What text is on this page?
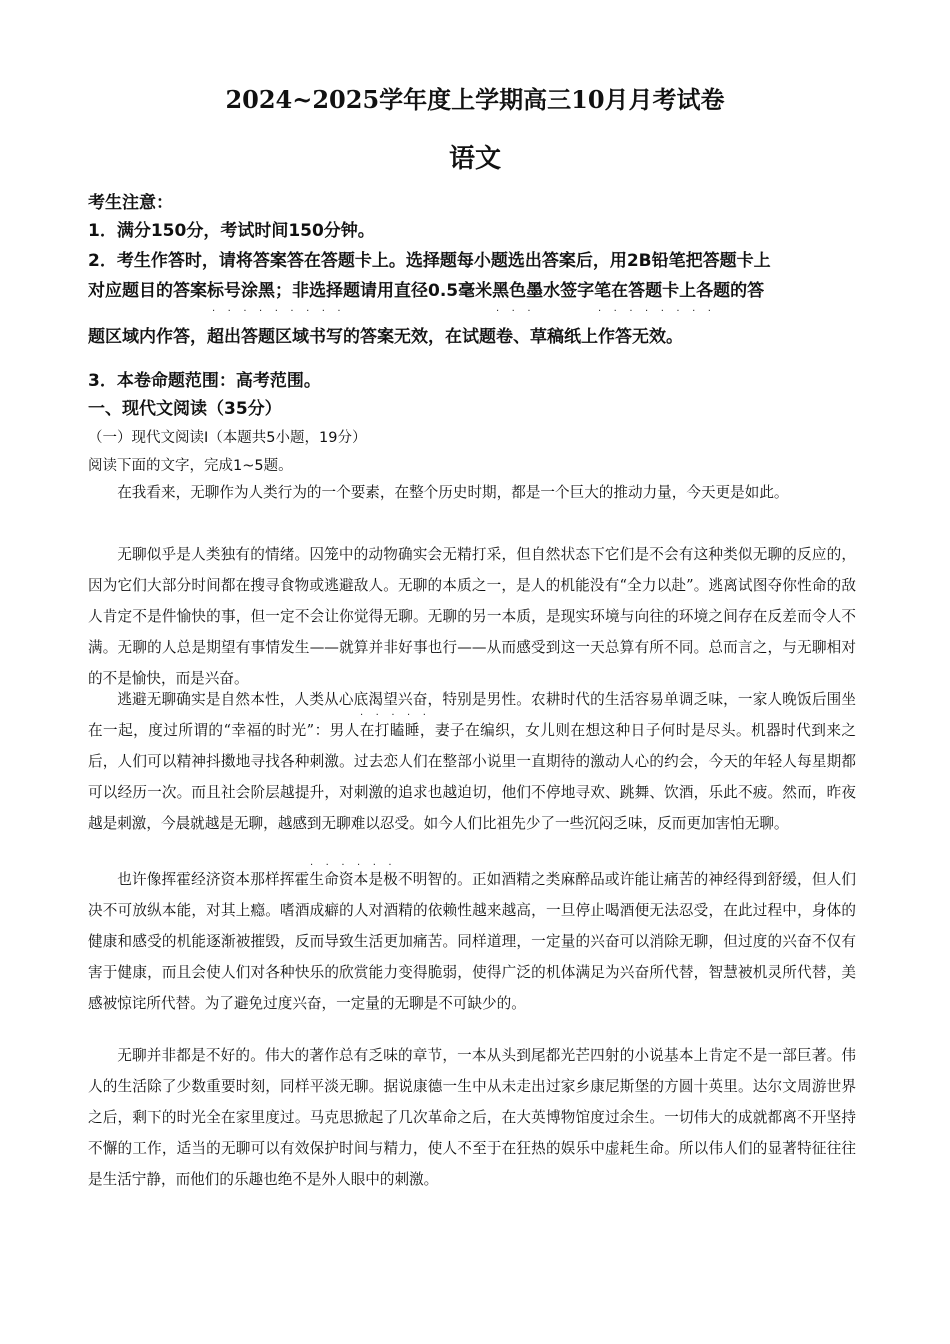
2024~2025学年度上学期高三10月月考试卷
语文
考生注意：
1．满分150分，考试时间150分钟。
2．考生作答时，请将答案答在答题卡上。选择题每小题选出答案后，用2B铅笔把答题卡上
对应题目的答案标号涂黑；非选择题请用直径0.5毫米黑色墨水签字笔在答题卡上各题的答
·········	···	········
题区域内作答，超出答题区域书写的答案无效，在试题卷、草稿纸上作答无效。
3．本卷命题范围：高考范围。
一、现代文阅读（35分）
（一）现代文阅读Ⅰ（本题共5小题，19分）
阅读下面的文字，完成1~5题。
在我看来，无聊作为人类行为的一个要素，在整个历史时期，都是一个巨大的推动力量，今天更是如此。
无聊似乎是人类独有的情绪。囚笼中的动物确实会无精打采，但自然状态下它们是不会有这种类似无聊的反应的，因为它们大部分时间都在搜寻食物或逃避敌人。无聊的本质之一，是人的机能没有“全力以赴”。逃离试图夺你性命的敌人肯定不是件愉快的事，但一定不会让你觉得无聊。无聊的另一本质，是现实环境与向往的环境之间存在反差而令人不满。无聊的人总是期望有事情发生——就算并非好事也行——从而感受到这一天总算有所不同。总而言之，与无聊相对的不是愉快，而是兴奋。
逃避无聊确实是自然本性，人类从心底渴望兴奋，特别是男性。农耕时代的生活容易单调乏味，一家人晚饭后围坐在一起，度过所谓的“幸福的时光”：男人在打瞌睡，妻子在编织，女儿则在想这种日子何时是尽头。机器时代到来之后，人们可以精神抖擞地寻找各种刺激。过去恋人们在整部小说里一直期待的激动人心的约会，今天的年轻人每星期都可以经历一次。而且社会阶层越提升，对刺激的追求也越迫切，他们不停地寻欢、跳舞、饮酒，乐此不疲。然而，昨夜越是刺激，今晨就越是无聊，越感到无聊难以忍受。如今人们比祖先少了一些沉闷乏味，反而更加害怕无聊。
·····
也许像挥霍经济资本那样挥霍生命资本是极不明智的。正如酒精之类麻醉品或许能让痛苦的神经得到舒缓，但人们决不可放纵本能，对其上瘾。嗜酒成癖的人对酒精的依赖性越来越高，一旦停止喝酒便无法忍受，在此过程中，身体的健康和感受的机能逐渐被摧毁，反而导致生活更加痛苦。同样道理，一定量的兴奋可以消除无聊，但过度的兴奋不仅有害于健康，而且会使人们对各种快乐的欣赏能力变得脆弱，使得广泛的机体满足为兴奋所代替，智慧被机灵所代替，美感被惊诧所代替。为了避免过度兴奋，一定量的无聊是不可缺少的。
······
无聊并非都是不好的。伟大的著作总有乏味的章节，一本从头到尾都光芒四射的小说基本上肯定不是一部巨著。伟人的生活除了少数重要时刻，同样平淡无聊。据说康德一生中从未走出过家乡康尼斯堡的方圆十英里。达尔文周游世界之后，剩下的时光全在家里度过。马克思掀起了几次革命之后，在大英博物馆度过余生。一切伟大的成就都离不开坚持不懈的工作，适当的无聊可以有效保护时间与精力，使人不至于在狂热的娱乐中虚耗生命。所以伟人们的显著特征往往是生活宁静，而他们的乐趣也绝不是外人眼中的刺激。
